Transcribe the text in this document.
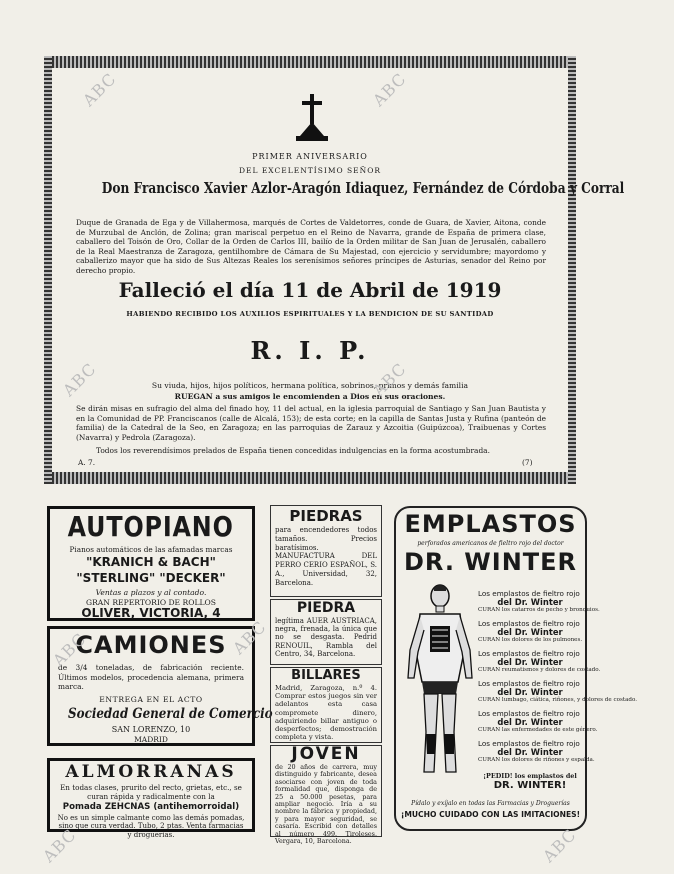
PRIMER ANIVERSARIO
DEL EXCELENTÍSIMO SEÑOR
Don Francisco Xavier Azlor-Aragón Idiaquez, Fernández de Córdoba y Corral
Duque de Granada de Ega y de Villahermosa, marqués de Cortes de Valdetorres, conde de Guara, de Xavier, Aitona, conde de Murzubal de Anclón, de Zolina; gran mariscal perpetuo en el Reino de Navarra, grande de España de primera clase, caballero del Toisón de Oro, Collar de la Orden de Carlos III, bailío de la Orden militar de San Juan de Jerusalén, caballero de la Real Maestranza de Zaragoza, gentilhombre de Cámara de Su Majestad, con ejercicio y servidumbre; mayordomo y caballerizo mayor que ha sido de Sus Altezas Reales los serenísimos señores príncipes de Asturias, senador del Reino por derecho propio.
Falleció el día 11 de Abril de 1919
HABIENDO RECIBIDO LOS AUXILIOS ESPIRITUALES Y LA BENDICION DE SU SANTIDAD
R. I. P.
Su viuda, hijos, hijos políticos, hermana política, sobrinos, primos y demás familia
RUEGAN a sus amigos le encomienden a Dios en sus oraciones.
Se dirán misas en sufragio del alma del finado hoy, 11 del actual, en la iglesia parroquial de Santiago y San Juan Bautista y en la Comunidad de PP. Franciscanos (calle de Alcalá, 153); de esta corte; en la capilla de Santas Justa y Rufina (panteón de familia) de la Catedral de la Seo, en Zaragoza; en las parroquias de Zarauz y Azcoitia (Guipúzcoa), Traibuenas y Cortes (Navarra) y Pedrola (Zaragoza).
Todos los reverendísimos prelados de España tienen concedidas indulgencias en la forma acostumbrada.
A. 7.	(7)
AUTOPIANO
Pianos automáticos de las afamadas marcas
"KRANICH & BACH"
"STERLING" "DECKER"
Ventas a plazos y al contado.
GRAN REPERTORIO DE ROLLOS
OLIVER, VICTORIA, 4
CAMIONES
de 3/4 toneladas, de fabricación reciente. Últimos modelos, procedencia alemana, primera marca.
ENTREGA EN EL ACTO
Sociedad General de Comercio
SAN LORENZO, 10
MADRID
ALMORRANAS
En todas clases, prurito del recto, grietas, etc., se curan rápida y radicalmente con la
Pomada ZEHCNAS (antihemorroidal)
No es un simple calmante como las demás pomadas, sino que cura verdad. Tubo, 2 ptas. Venta farmacias y droguerías.
PIEDRAS
para encendedores todos tamaños. Precios baratísimos. MANUFACTURA DEL PERRO CERIO ESPAÑOL, S. A., Universidad, 32, Barcelona.
PIEDRA
legítima AUER AUSTRIACA, negra, frenada, la única que no se desgasta. Pedrid RENOUIL, Rambla del Centro, 34, Barcelona.
BILLARES
Madrid, Zaragoza, n.º 4. Comprar estos juegos sin ver adelantos esta casa compromete dinero, adquiriendo billar antiguo o desperfectos; demostración completa y vista.
JOVEN
de 20 años de carrera, muy distinguido y fabricante, desea asociarse con joven de toda formalidad que, disponga de 25 a 50.000 pesetas, para ampliar negocio. Iría a su nombre la fábrica y propiedad, y para mayor seguridad, se casaría. Escribid con detalles al número 499. Tiroleses. Vergara, 10, Barcelona.
EMPLASTOS
perforados americanos de fieltro rojo del doctor
DR. WINTER
Los emplastos de fieltro rojo
del Dr. Winter
CURAN los catarros de pecho y bronquios.
Los emplastos de fieltro rojo
del Dr. Winter
CURAN los dolores de los pulmones.
Los emplastos de fieltro rojo
del Dr. Winter
CURAN reumatismos y dolores de costado.
Los emplastos de fieltro rojo
del Dr. Winter
CURAN lumbago, ciática, riñones, y dolores de costado.
Los emplastos de fieltro rojo
del Dr. Winter
CURAN las enfermedades de este género.
Los emplastos de fieltro rojo
del Dr. Winter
CURAN los dolores de riñones y espalda.
¡PEDID! los emplastos del
DR. WINTER!
Pídalo y exíjalo en todas las Farmacias y Droguerías
¡MUCHO CUIDADO CON LAS IMITACIONES!
ABC	ABC
ABC	ABC
ABC	ABC
ABC	ABC
